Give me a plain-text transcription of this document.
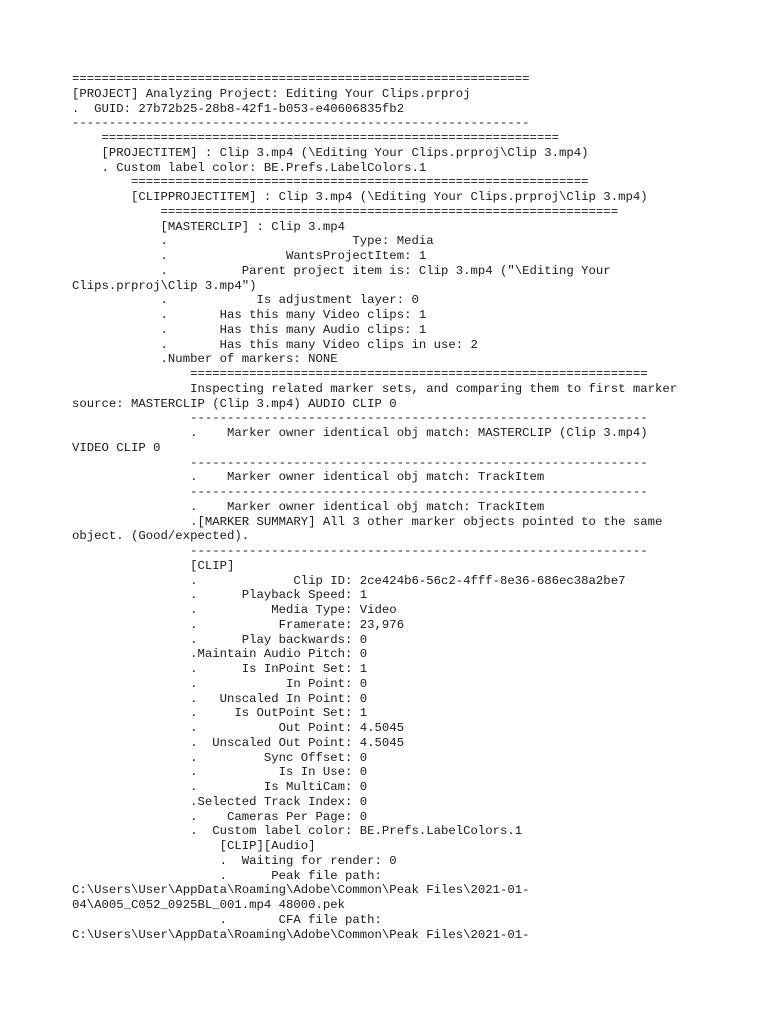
==============================================================
[PROJECT] Analyzing Project: Editing Your Clips.prproj
.  GUID: 27b72b25-28b8-42f1-b053-e40606835fb2
--------------------------------------------------------------
==============================================================
[PROJECTITEM] : Clip 3.mp4 (\Editing Your Clips.prproj\Clip 3.mp4)
. Custom label color: BE.Prefs.LabelColors.1
==============================================================
[CLIPPROJECTITEM] : Clip 3.mp4 (\Editing Your Clips.prproj\Clip 3.mp4)
==============================================================
[MASTERCLIP] : Clip 3.mp4
.                         Type: Media
.                WantsProjectItem: 1
.          Parent project item is: Clip 3.mp4 ("\Editing Your
Clips.prproj\Clip 3.mp4")
.            Is adjustment layer: 0
.       Has this many Video clips: 1
.       Has this many Audio clips: 1
.       Has this many Video clips in use: 2
.Number of markers: NONE
==============================================================
Inspecting related marker sets, and comparing them to first marker
source: MASTERCLIP (Clip 3.mp4) AUDIO CLIP 0
--------------------------------------------------------------
.    Marker owner identical obj match: MASTERCLIP (Clip 3.mp4)
VIDEO CLIP 0
--------------------------------------------------------------
.    Marker owner identical obj match: TrackItem
--------------------------------------------------------------
.    Marker owner identical obj match: TrackItem
.[MARKER SUMMARY] All 3 other marker objects pointed to the same
object. (Good/expected).
--------------------------------------------------------------
[CLIP]
.             Clip ID: 2ce424b6-56c2-4fff-8e36-686ec38a2be7
.      Playback Speed: 1
.          Media Type: Video
.           Framerate: 23,976
.      Play backwards: 0
.Maintain Audio Pitch: 0
.      Is InPoint Set: 1
.            In Point: 0
.   Unscaled In Point: 0
.     Is OutPoint Set: 1
.           Out Point: 4.5045
.  Unscaled Out Point: 4.5045
.         Sync Offset: 0
.           Is In Use: 0
.         Is MultiCam: 0
.Selected Track Index: 0
.    Cameras Per Page: 0
.  Custom label color: BE.Prefs.LabelColors.1
[CLIP][Audio]
.  Waiting for render: 0
.      Peak file path:
C:\Users\User\AppData\Roaming\Adobe\Common\Peak Files\2021-01-
04\A005_C052_0925BL_001.mp4 48000.pek
.       CFA file path:
C:\Users\User\AppData\Roaming\Adobe\Common\Peak Files\2021-01-
